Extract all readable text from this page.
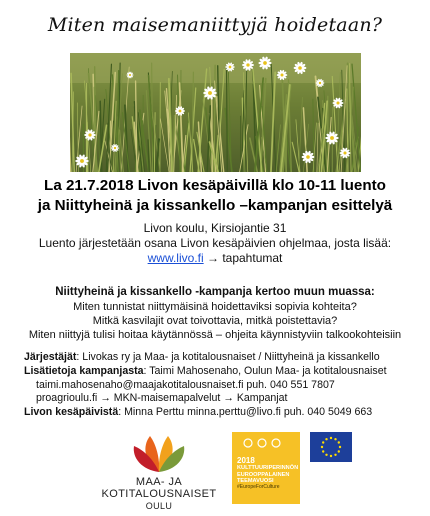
Miten maisemaniittyjä hoidetaan?
La 21.7.2018 Livon kesäpäivillä klo 10-11 luento
ja Niittyheinä ja kissankello –kampanjan esittelyä
Livon koulu, Kirsiojantie 31
Luento järjestetään osana Livon kesäpäivien ohjelmaa, josta lisää:
www.livo.fi → tapahtumat
Niittyheinä ja kissankello -kampanja kertoo muun muassa:
Miten tunnistat niittymäisinä hoidettaviksi sopivia kohteita?
Mitkä kasvilajit ovat toivottavia, mitkä poistettavia?
Miten niittyjä tulisi hoitaa käytännössä – ohjeita käynnistyviin talkookohteisiin
Järjestäjät: Livokas ry ja Maa- ja kotitalousnaiset / Niittyheinä ja kissankello
Lisätietoja kampanjasta: Taimi Mahosenaho, Oulun Maa- ja kotitalousnaiset
taimi.mahosenaho@maajakotitalousnaiset.fi puh. 040 551 7807
proagrioulu.fi → MKN-maisemapalvelut → Kampanjat
Livon kesäpäivistä: Minna Perttu minna.perttu@livo.fi puh. 040 5049 663
MAA- JA
KOTITALOUSNAISET
OULU
2018
KULTTUURIPERINNÖN
EUROOPPALAINEN
TEEMAVUOSI
#EuropeForCulture
